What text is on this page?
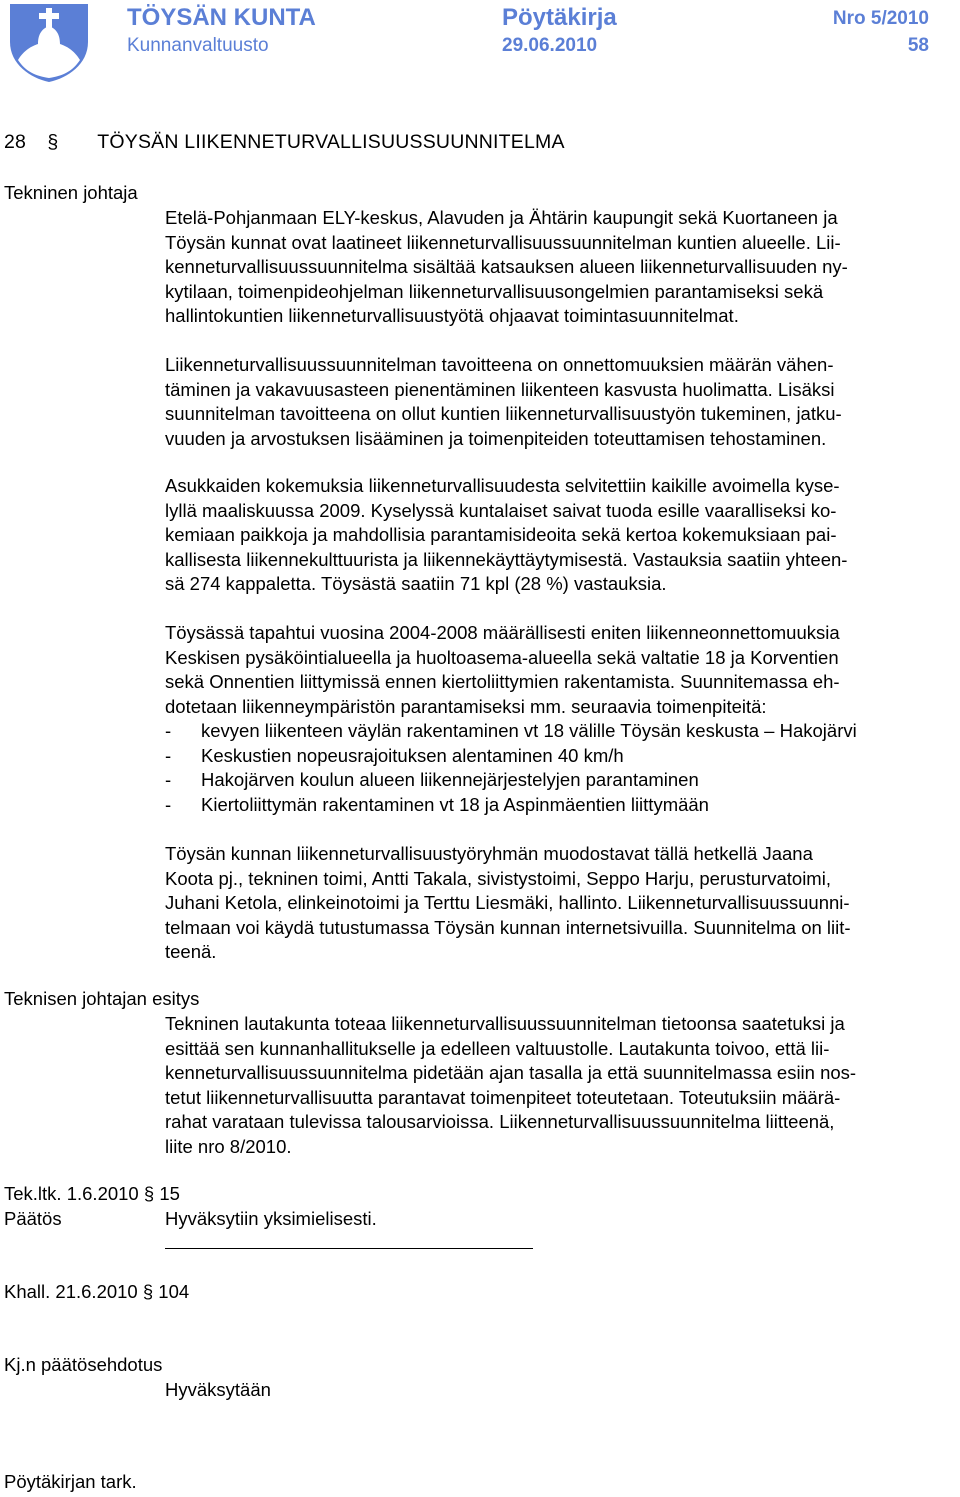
TÖYSÄN KUNTA	Pöytäkirja	Nro 5/2010
Kunnanvaltuusto	29.06.2010	58
28 § TÖYSÄN LIIKENNETURVALLISUUSSUUNNITELMA
Tekninen johtaja
Etelä-Pohjanmaan ELY-keskus, Alavuden ja Ähtärin kaupungit sekä Kuortaneen ja
Töysän kunnat ovat laatineet liikenneturvallisuussuunnitelman kuntien alueelle. Lii-
kenneturvallisuussuunnitelma sisältää katsauksen alueen liikenneturvallisuuden ny-
kytilaan, toimenpideohjelman liikenneturvallisuusongelmien parantamiseksi sekä
hallintokuntien liikenneturvallisuustyötä ohjaavat toimintasuunnitelmat.
Liikenneturvallisuussuunnitelman tavoitteena on onnettomuuksien määrän vähen-
täminen ja vakavuusasteen pienentäminen liikenteen kasvusta huolimatta. Lisäksi
suunnitelman tavoitteena on ollut kuntien liikenneturvallisuustyön tukeminen, jatku-
vuuden ja arvostuksen lisääminen ja toimenpiteiden toteuttamisen tehostaminen.
Asukkaiden kokemuksia liikenneturvallisuudesta selvitettiin kaikille avoimella kyse-
lyllä maaliskuussa 2009. Kyselyssä kuntalaiset saivat tuoda esille vaaralliseksi ko-
kemiaan paikkoja ja mahdollisia parantamisideoita sekä kertoa kokemuksiaan pai-
kallisesta liikennekulttuurista ja liikennekäyttäytymisestä. Vastauksia saatiin yhteen-
sä 274 kappaletta. Töysästä saatiin 71 kpl (28 %) vastauksia.
Töysässä tapahtui vuosina 2004-2008 määrällisesti eniten liikenneonnettomuuksia
Keskisen pysäköintialueella ja huoltoasema-alueella sekä valtatie 18 ja Korventien
sekä Onnentien liittymissä ennen kiertoliittymien rakentamista. Suunnitemassa eh-
dotetaan liikenneympäristön parantamiseksi mm. seuraavia toimenpiteitä:
- kevyen liikenteen väylän rakentaminen vt 18 välille Töysän keskusta – Hakojärvi
- Keskustien nopeusrajoituksen alentaminen 40 km/h
- Hakojärven koulun alueen liikennejärjestelyjen parantaminen
- Kiertoliittymän rakentaminen vt 18 ja Aspinmäentien liittymään
Töysän kunnan liikenneturvallisuustyöryhmän muodostavat tällä hetkellä Jaana
Koota pj., tekninen toimi, Antti Takala, sivistystoimi, Seppo Harju, perusturvatoimi,
Juhani Ketola, elinkeinotoimi ja Terttu Liesmäki, hallinto. Liikenneturvallisuussuunni-
telmaan voi käydä tutustumassa Töysän kunnan internetsivuilla. Suunnitelma on liit-
teenä.
Teknisen johtajan esitys
Tekninen lautakunta toteaa liikenneturvallisuussuunnitelman tietoonsa saatetuksi ja
esittää sen kunnanhallitukselle ja edelleen valtuustolle. Lautakunta toivoo, että lii-
kenneturvallisuussuunnitelma pidetään ajan tasalla ja että suunnitelmassa esiin nos-
tetut liikenneturvallisuutta parantavat toimenpiteet toteutetaan. Toteutuksiin määrä-
rahat varataan tulevissa talousarvioissa. Liikenneturvallisuussuunnitelma liitteenä,
liite nro 8/2010.
Tek.ltk. 1.6.2010 § 15
Päätös	Hyväksytiin yksimielisesti.
Khall. 21.6.2010 § 104
Kj.n päätösehdotus
Hyväksytään
Pöytäkirjan tark.
